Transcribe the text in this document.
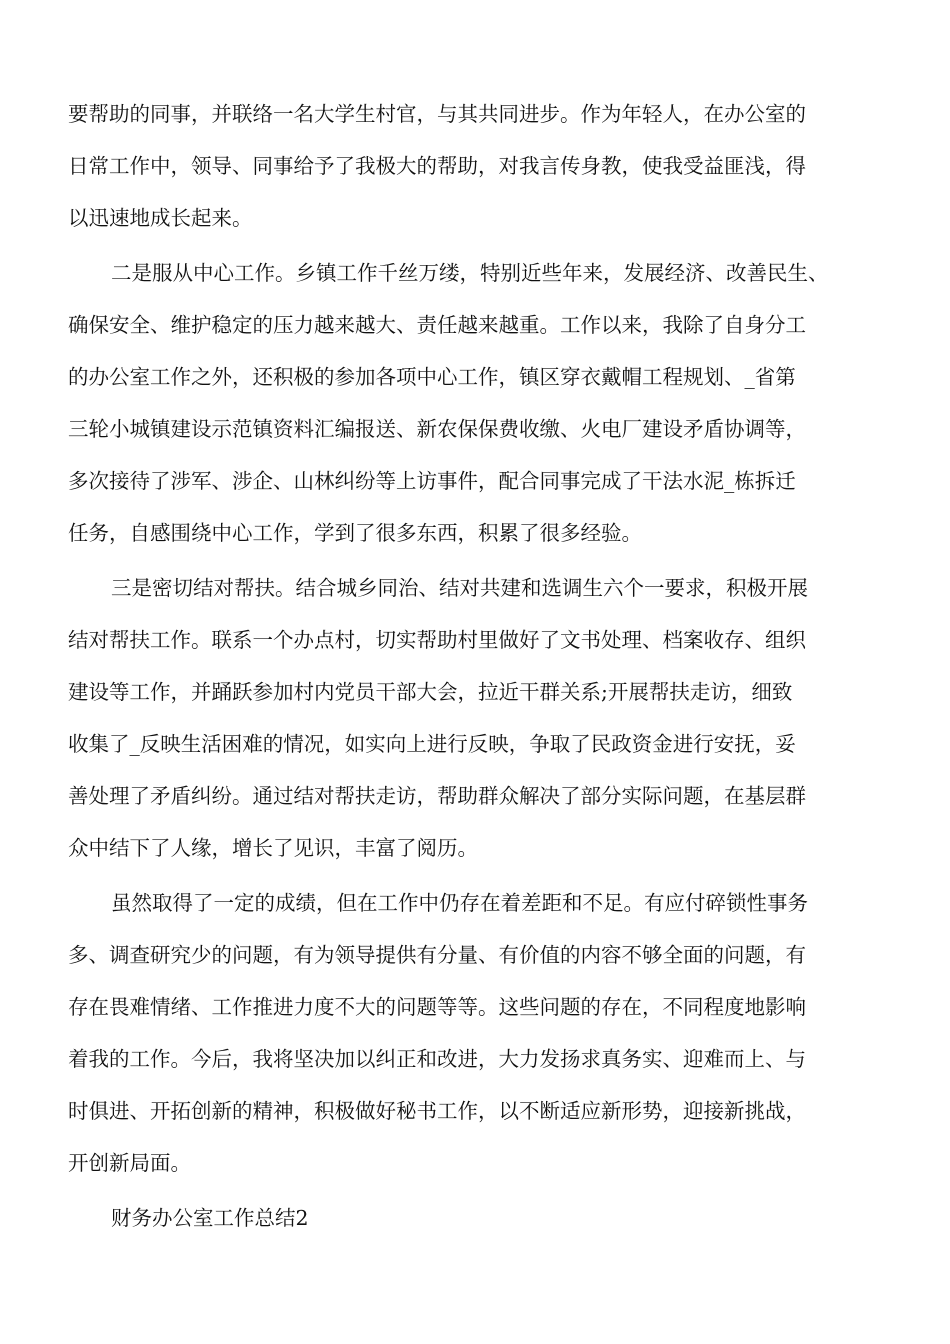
要帮助的同事，并联络一名大学生村官，与其共同进步。作为年轻人，在办公室的
日常工作中，领导、同事给予了我极大的帮助，对我言传身教，使我受益匪浅，得
以迅速地成长起来。
二是服从中心工作。乡镇工作千丝万缕，特别近些年来，发展经济、改善民生、
确保安全、维护稳定的压力越来越大、责任越来越重。工作以来，我除了自身分工
的办公室工作之外，还积极的参加各项中心工作，镇区穿衣戴帽工程规划、_省第
三轮小城镇建设示范镇资料汇编报送、新农保保费收缴、火电厂建设矛盾协调等，
多次接待了涉军、涉企、山林纠纷等上访事件，配合同事完成了干法水泥_栋拆迁
任务，自感围绕中心工作，学到了很多东西，积累了很多经验。
三是密切结对帮扶。结合城乡同治、结对共建和选调生六个一要求，积极开展
结对帮扶工作。联系一个办点村，切实帮助村里做好了文书处理、档案收存、组织
建设等工作，并踊跃参加村内党员干部大会，拉近干群关系;开展帮扶走访，细致
收集了_反映生活困难的情况，如实向上进行反映，争取了民政资金进行安抚，妥
善处理了矛盾纠纷。通过结对帮扶走访，帮助群众解决了部分实际问题，在基层群
众中结下了人缘，增长了见识，丰富了阅历。
虽然取得了一定的成绩，但在工作中仍存在着差距和不足。有应付碎锁性事务
多、调查研究少的问题，有为领导提供有分量、有价值的内容不够全面的问题，有
存在畏难情绪、工作推进力度不大的问题等等。这些问题的存在，不同程度地影响
着我的工作。今后，我将坚决加以纠正和改进，大力发扬求真务实、迎难而上、与
时俱进、开拓创新的精神，积极做好秘书工作，以不断适应新形势，迎接新挑战，
开创新局面。
财务办公室工作总结2
